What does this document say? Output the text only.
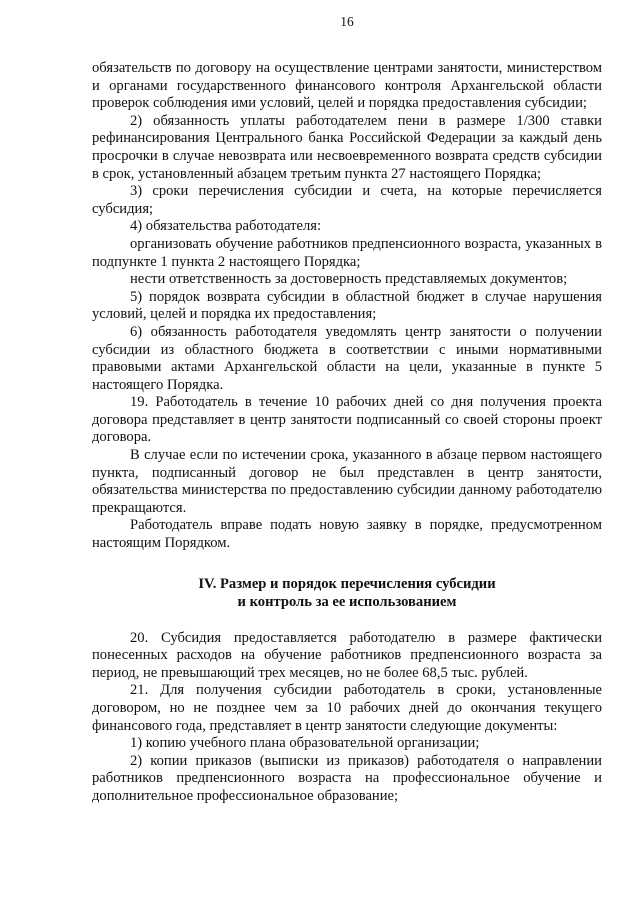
16

обязательств по договору на осуществление центрами занятости, министерством и органами государственного финансового контроля Архангельской области проверок соблюдения ими условий, целей и порядка предоставления субсидии;

2) обязанность уплаты работодателем пени в размере 1/300 ставки рефинансирования Центрального банка Российской Федерации за каждый день просрочки в случае невозврата или несвоевременного возврата средств субсидии в срок, установленный абзацем третьим пункта 27 настоящего Порядка;

3) сроки перечисления субсидии и счета, на которые перечисляется субсидия;

4) обязательства работодателя:

организовать обучение работников предпенсионного возраста, указанных в подпункте 1 пункта 2 настоящего Порядка;

нести ответственность за достоверность представляемых документов;

5) порядок возврата субсидии в областной бюджет в случае нарушения условий, целей и порядка их предоставления;

6) обязанность работодателя уведомлять центр занятости о получении субсидии из областного бюджета в соответствии с иными нормативными правовыми актами Архангельской области на цели, указанные в пункте 5 настоящего Порядка.

19. Работодатель в течение 10 рабочих дней со дня получения проекта договора представляет в центр занятости подписанный со своей стороны проект договора.

В случае если по истечении срока, указанного в абзаце первом настоящего пункта, подписанный договор не был представлен в центр занятости, обязательства министерства по предоставлению субсидии данному работодателю прекращаются.

Работодатель вправе подать новую заявку в порядке, предусмотренном настоящим Порядком.

IV. Размер и порядок перечисления субсидии
и контроль за ее использованием

20. Субсидия предоставляется работодателю в размере фактически понесенных расходов на обучение работников предпенсионного возраста за период, не превышающий трех месяцев, но не более 68,5 тыс. рублей.

21. Для получения субсидии работодатель в сроки, установленные договором, но не позднее чем за 10 рабочих дней до окончания текущего финансового года, представляет в центр занятости следующие документы:

1) копию учебного плана образовательной организации;

2) копии приказов (выписки из приказов) работодателя о направлении работников предпенсионного возраста на профессиональное обучение и дополнительное профессиональное образование;
